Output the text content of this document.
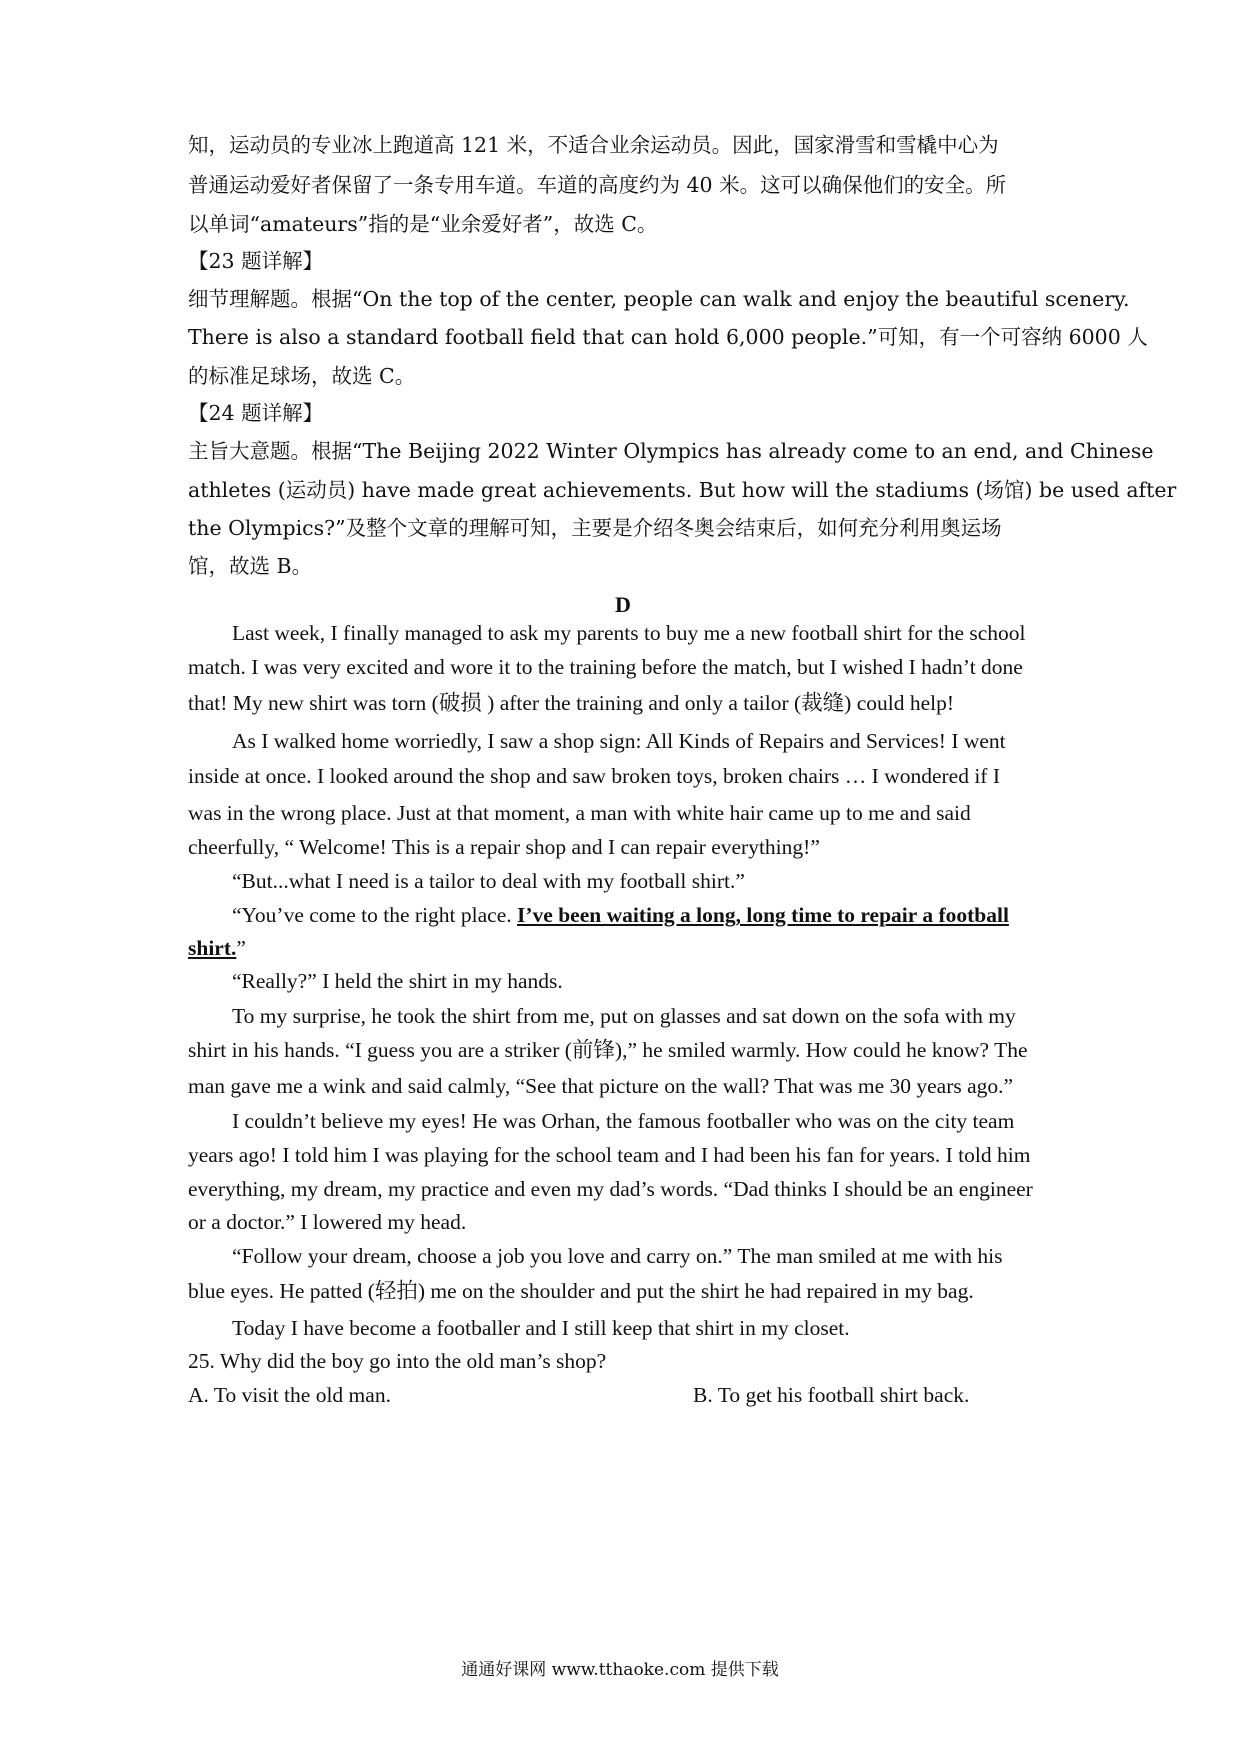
知，运动员的专业冰上跑道高 121 米，不适合业余运动员。因此，国家滑雪和雪橇中心为
普通运动爱好者保留了一条专用车道。车道的高度约为 40 米。这可以确保他们的安全。所
以单词“amateurs”指的是“业余爱好者”，故选 C。
【23 题详解】
细节理解题。根据“On the top of the center, people can walk and enjoy the beautiful scenery.
There is also a standard football field that can hold 6,000 people.”可知，有一个可容纳 6000 人
的标准足球场，故选 C。
【24 题详解】
主旨大意题。根据“The Beijing 2022 Winter Olympics has already come to an end, and Chinese
athletes (运动员) have made great achievements. But how will the stadiums (场馆) be used after
the Olympics?”及整个文章的理解可知，主要是介绍冬奥会结束后，如何充分利用奥运场
馆，故选 B。
D
Last week, I finally managed to ask my parents to buy me a new football shirt for the school
match. I was very excited and wore it to the training before the match, but I wished I hadn’t done
that! My new shirt was torn (破损 ) after the training and only a tailor (裁缝) could help!
As I walked home worriedly, I saw a shop sign: All Kinds of Repairs and Services! I went
inside at once. I looked around the shop and saw broken toys, broken chairs … I wondered if I
was in the wrong place. Just at that moment, a man with white hair came up to me and said
cheerfully, “ Welcome! This is a repair shop and I can repair everything!”
“But...what I need is a tailor to deal with my football shirt.”
“You’ve come to the right place. I’ve been waiting a long, long time to repair a football
shirt.”
“Really?” I held the shirt in my hands.
To my surprise, he took the shirt from me, put on glasses and sat down on the sofa with my
shirt in his hands. “I guess you are a striker (前锋),” he smiled warmly. How could he know? The
man gave me a wink and said calmly, “See that picture on the wall? That was me 30 years ago.”
I couldn’t believe my eyes! He was Orhan, the famous footballer who was on the city team
years ago! I told him I was playing for the school team and I had been his fan for years. I told him
everything, my dream, my practice and even my dad’s words. “Dad thinks I should be an engineer
or a doctor.” I lowered my head.
“Follow your dream, choose a job you love and carry on.” The man smiled at me with his
blue eyes. He patted (轻拍) me on the shoulder and put the shirt he had repaired in my bag.
Today I have become a footballer and I still keep that shirt in my closet.
25. Why did the boy go into the old man’s shop?
A. To visit the old man.	B. To get his football shirt back.
通通好课网 www.tthaoke.com 提供下载
